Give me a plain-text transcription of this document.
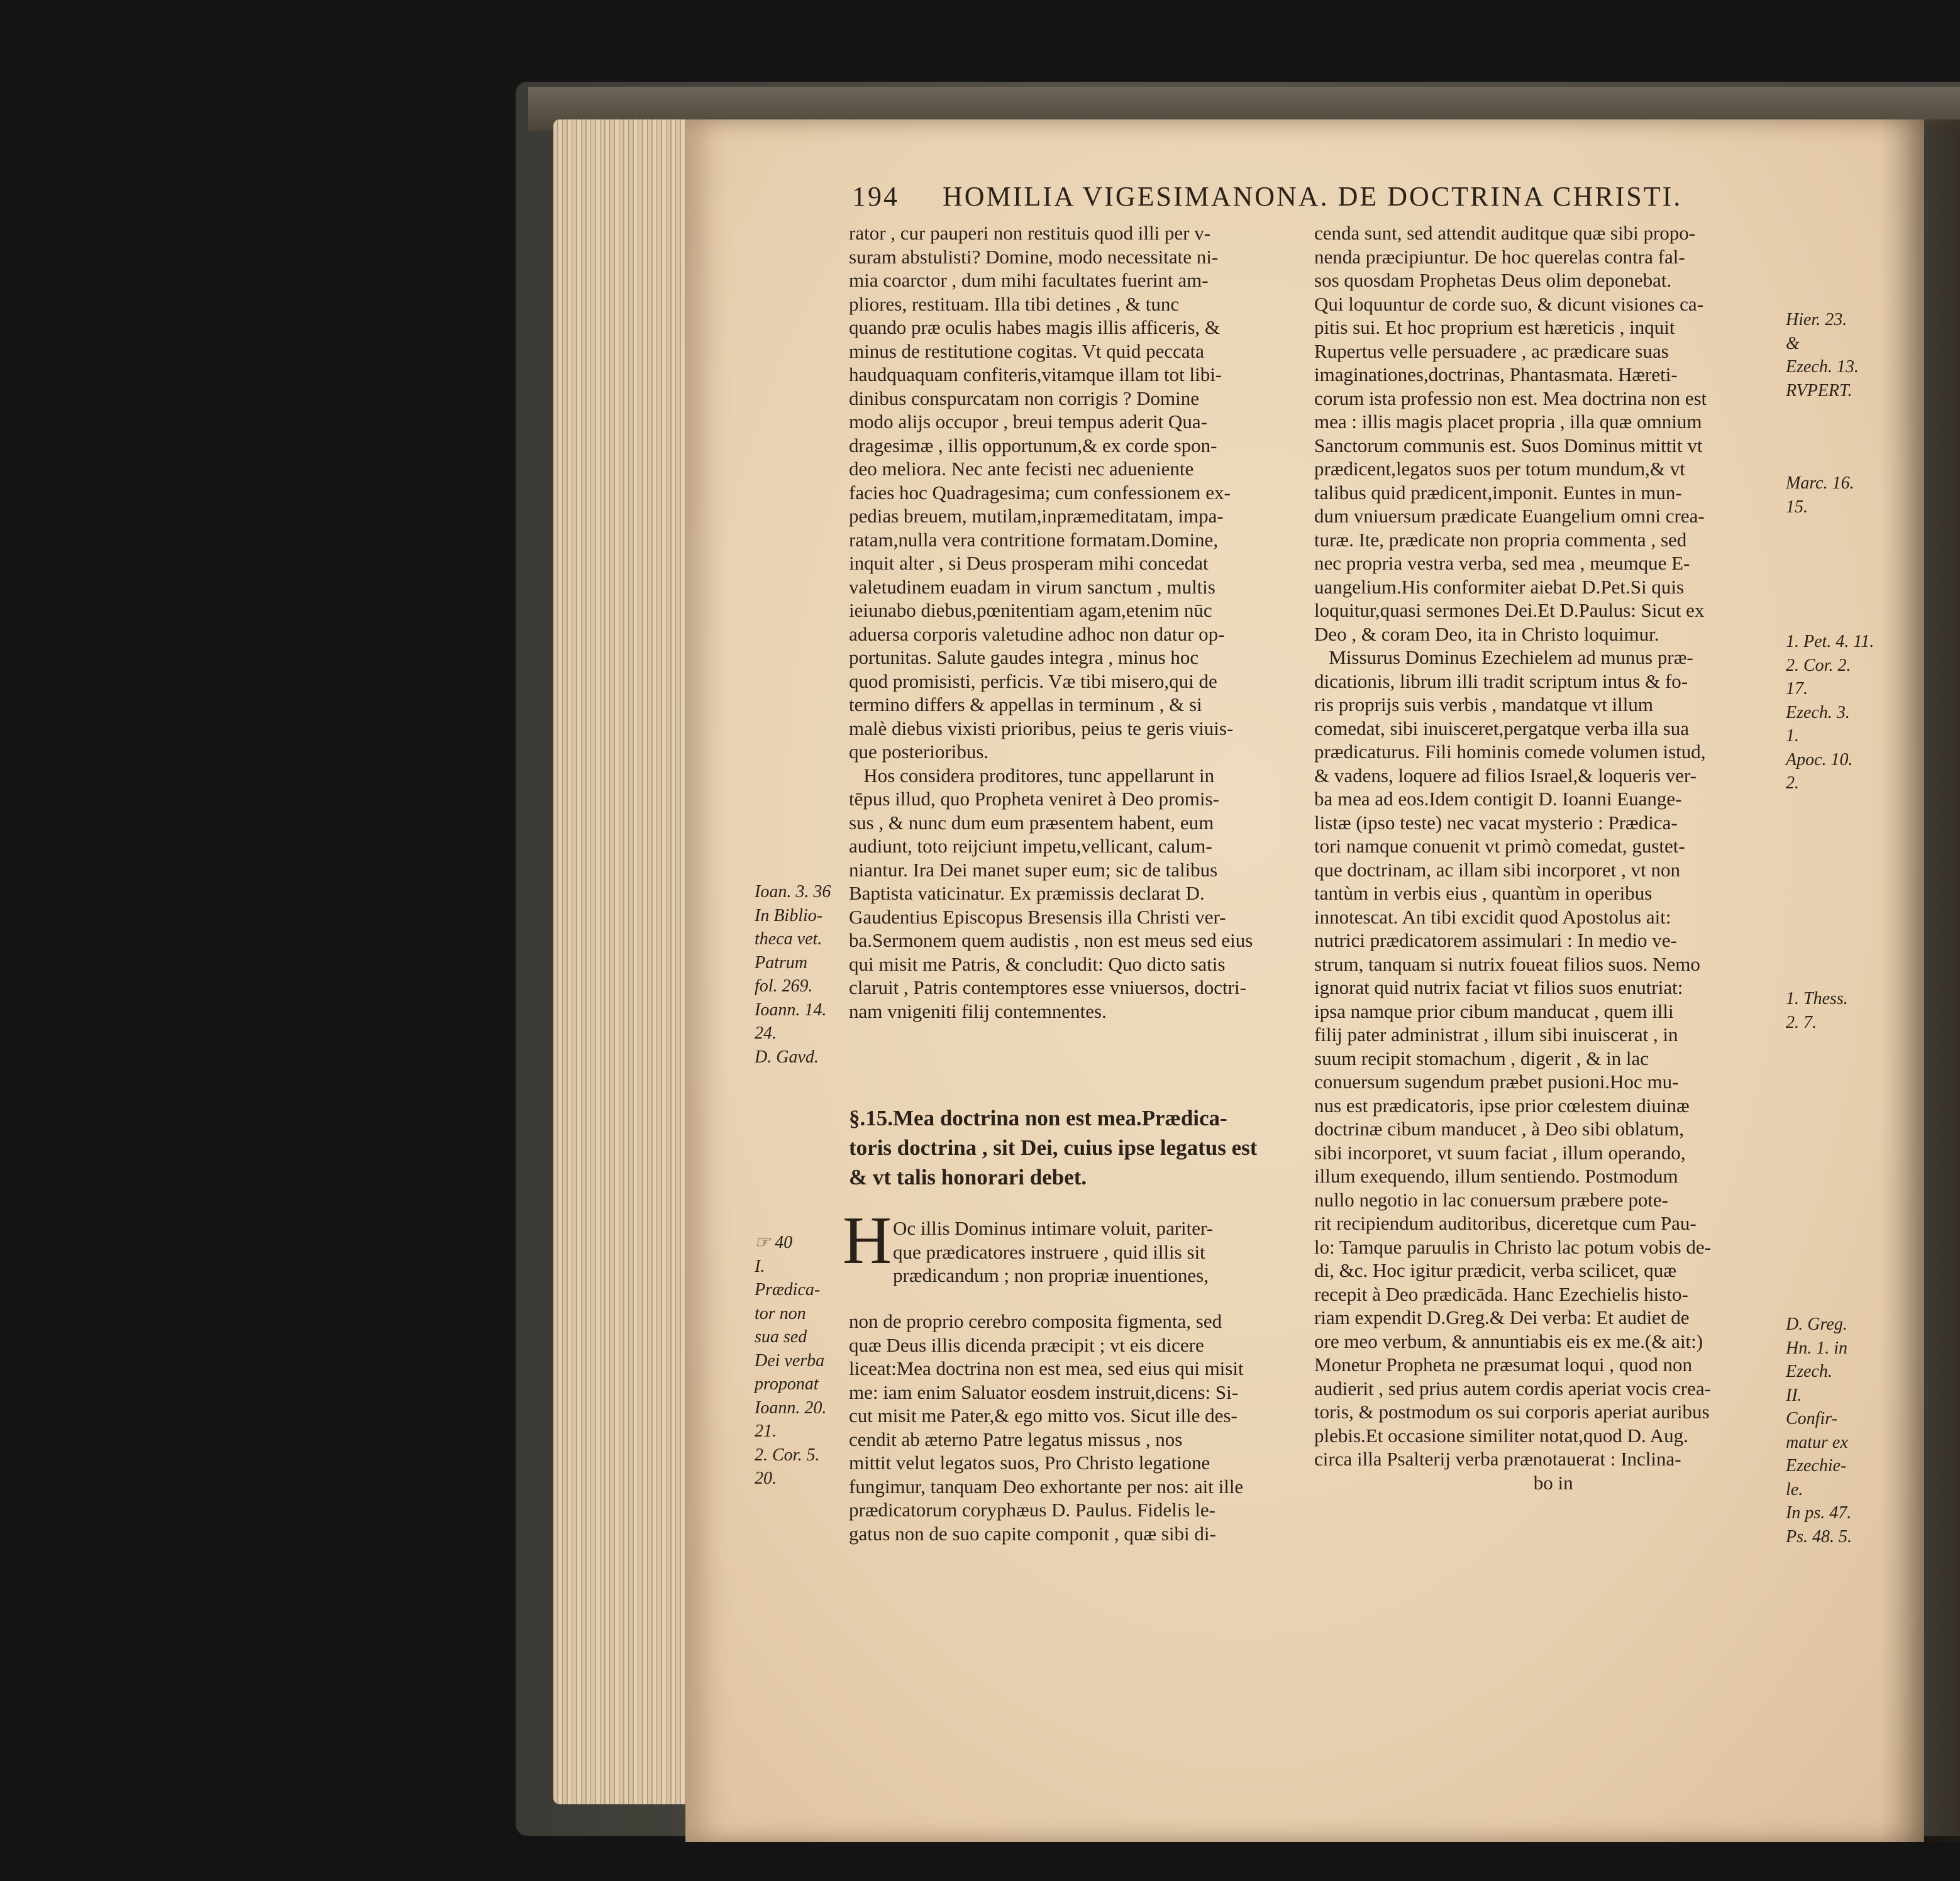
194 HOMILIA VIGESIMANONA. DE DOCTRINA CHRISTI.
rator , cur pauperi non restituis quod illi per v-
suram abstulisti? Domine, modo necessitate ni-
mia coarctor , dum mihi facultates fuerint am-
pliores, restituam. Illa tibi detines , & tunc
quando præ oculis habes magis illis afficeris, &
minus de restitutione cogitas. Vt quid peccata
haudquaquam confiteris,vitamque illam tot libi-
dinibus conspurcatam non corrigis ? Domine
modo alijs occupor , breui tempus aderit Qua-
dragesimæ , illis opportunum,& ex corde spon-
deo meliora. Nec ante fecisti nec adueniente
facies hoc Quadragesima; cum confessionem ex-
pedias breuem, mutilam,inpræmeditatam, impa-
ratam,nulla vera contritione formatam.Domine,
inquit alter , si Deus prosperam mihi concedat
valetudinem euadam in virum sanctum , multis
ieiunabo diebus,pœnitentiam agam,etenim nūc
aduersa corporis valetudine adhoc non datur op-
portunitas. Salute gaudes integra , minus hoc
quod promisisti, perficis. Væ tibi misero,qui de
termino differs & appellas in terminum , & si
malè diebus vixisti prioribus, peius te geris viuis-
que posterioribus.
Hos considera proditores, tunc appellarunt in
tēpus illud, quo Propheta veniret à Deo promis-
sus , & nunc dum eum præsentem habent, eum
audiunt, toto reijciunt impetu,vellicant, calum-
niantur. Ira Dei manet super eum; sic de talibus
Baptista vaticinatur. Ex præmissis declarat D.
Gaudentius Episcopus Bresensis illa Christi ver-
ba.Sermonem quem audistis , non est meus sed eius
qui misit me Patris, & concludit: Quo dicto satis
claruit , Patris contemptores esse vniuersos, doctri-
nam vnigeniti filij contemnentes.
§.15.Mea doctrina non est mea.Prædica-
toris doctrina , sit Dei, cuius ipse legatus est
& vt talis honorari debet.
H Oc illis Dominus intimare voluit, pariter-
que prædicatores instruere , quid illis sit
prædicandum ; non propriæ inuentiones,
non de proprio cerebro composita figmenta, sed
quæ Deus illis dicenda præcipit ; vt eis dicere
liceat:Mea doctrina non est mea, sed eius qui misit
me: iam enim Saluator eosdem instruit,dicens: Si-
cut misit me Pater,& ego mitto vos. Sicut ille des-
cendit ab æterno Patre legatus missus , nos
mittit velut legatos suos, Pro Christo legatione
fungimur, tanquam Deo exhortante per nos: ait ille
prædicatorum coryphæus D. Paulus. Fidelis le-
gatus non de suo capite componit , quæ sibi di-
cenda sunt, sed attendit auditque quæ sibi propo-
nenda præcipiuntur. De hoc querelas contra fal-
sos quosdam Prophetas Deus olim deponebat.
Qui loquuntur de corde suo, & dicunt visiones ca-
pitis sui. Et hoc proprium est hæreticis , inquit
Rupertus velle persuadere , ac prædicare suas
imaginationes,doctrinas, Phantasmata. Hæreti-
corum ista professio non est. Mea doctrina non est
mea : illis magis placet propria , illa quæ omnium
Sanctorum communis est. Suos Dominus mittit vt
prædicent,legatos suos per totum mundum,& vt
talibus quid prædicent,imponit. Euntes in mun-
dum vniuersum prædicate Euangelium omni crea-
turæ. Ite, prædicate non propria commenta , sed
nec propria vestra verba, sed mea , meumque E-
uangelium.His conformiter aiebat D.Pet.Si quis
loquitur,quasi sermones Dei.Et D.Paulus: Sicut ex
Deo , & coram Deo, ita in Christo loquimur.
Missurus Dominus Ezechielem ad munus præ-
dicationis, librum illi tradit scriptum intus & fo-
ris proprijs suis verbis , mandatque vt illum
comedat, sibi inuisceret,pergatque verba illa sua
prædicaturus. Fili hominis comede volumen istud,
& vadens, loquere ad filios Israel,& loqueris ver-
ba mea ad eos.Idem contigit D. Ioanni Euange-
listæ (ipso teste) nec vacat mysterio : Prædica-
tori namque conuenit vt primò comedat, gustet-
que doctrinam, ac illam sibi incorporet , vt non
tantùm in verbis eius , quantùm in operibus
innotescat. An tibi excidit quod Apostolus ait:
nutrici prædicatorem assimulari : In medio ve-
strum, tanquam si nutrix foueat filios suos. Nemo
ignorat quid nutrix faciat vt filios suos enutriat:
ipsa namque prior cibum manducat , quem illi
filij pater administrat , illum sibi inuiscerat , in
suum recipit stomachum , digerit , & in lac
conuersum sugendum præbet pusioni.Hoc mu-
nus est prædicatoris, ipse prior cœlestem diuinæ
doctrinæ cibum manducet , à Deo sibi oblatum,
sibi incorporet, vt suum faciat , illum operando,
illum exequendo, illum sentiendo. Postmodum
nullo negotio in lac conuersum præbere pote-
rit recipiendum auditoribus, diceretque cum Pau-
lo: Tamque paruulis in Christo lac potum vobis de-
di, &c. Hoc igitur prædicit, verba scilicet, quæ
recepit à Deo prædicāda. Hanc Ezechielis histo-
riam expendit D.Greg.& Dei verba: Et audiet de
ore meo verbum, & annuntiabis eis ex me.(& ait:)
Monetur Propheta ne præsumat loqui , quod non
audierit , sed prius autem cordis aperiat vocis crea-
toris, & postmodum os sui corporis aperiat auribus
plebis.Et occasione similiter notat,quod D. Aug.
circa illa Psalterij verba prænotauerat : Inclina-
bo in
Ioan. 3. 36
In Biblio-
theca vet.
Patrum
fol. 269.
Ioann. 14.
24.
D. Gavd.
☞ 40
I.
Prædica-
tor non
sua sed
Dei verba
proponat
Ioann. 20.
21.
2. Cor. 5.
20.
Hier. 23.
&
Ezech. 13.
RVPERT.
Marc. 16.
15.
1. Pet. 4. 11.
2. Cor. 2.
17.
Ezech. 3.
1.
Apoc. 10.
2.
1. Thess.
2. 7.
D. Greg.
Hn. 1. in
Ezech.
II.
Confir-
matur ex
Ezechie-
le.
In ps. 47.
Ps. 48. 5.
